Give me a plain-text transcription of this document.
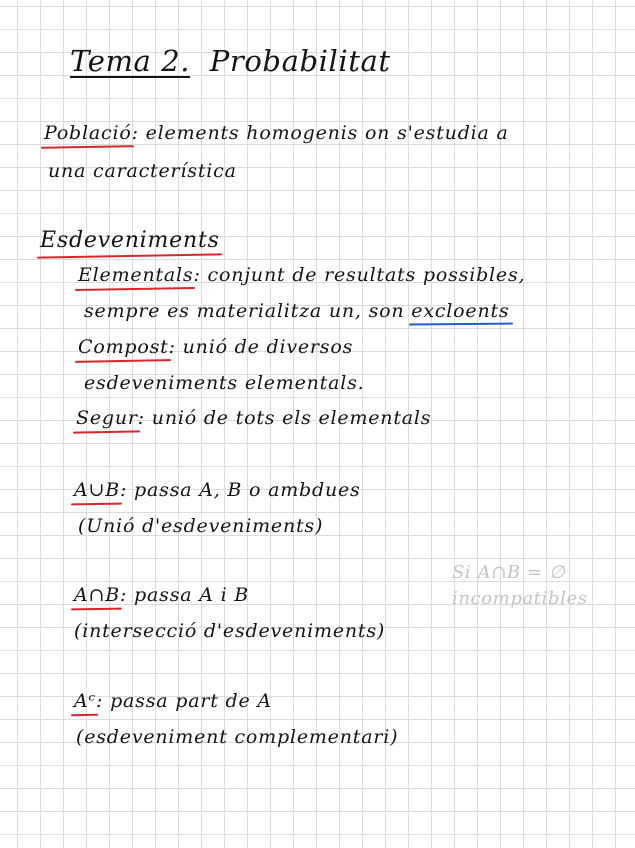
Tema 2. Probabilitat
Població: elements homogenis on s'estudia a
una característica
Esdeveniments
Elementals: conjunt de resultats possibles,
sempre es materialitza un, son excloents
Compost: unió de diversos
esdeveniments elementals.
Segur: unió de tots els elementals
A∪B: passa A, B o ambdues
(Unió d'esdeveniments)
A∩B: passa A i B
(intersecció d'esdeveniments)
Aᶜ: passa part de A
(esdeveniment complementari)
Si A∩B = ∅
incompatibles
